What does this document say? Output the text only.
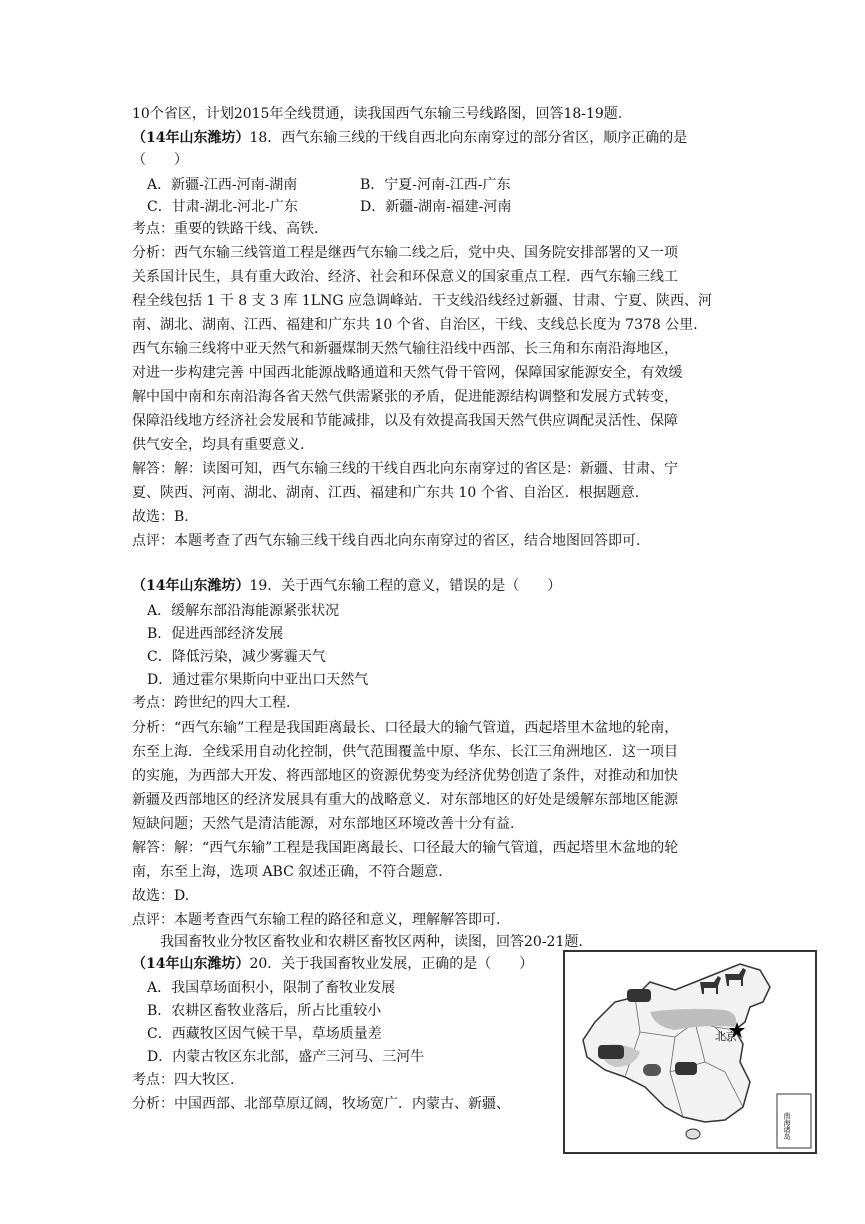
10个省区，计划2015年全线贯通，读我国西气东输三号线路图，回答18-19题.
（14年山东潍坊）18．西气东输三线的干线自西北向东南穿过的部分省区，顺序正确的是
（　　）
A．新疆-江西-河南-湖南	B．宁夏-河南-江西-广东
C．甘肃-湖北-河北-广东	D．新疆-湖南-福建-河南
考点：重要的铁路干线、高铁.
分析：西气东输三线管道工程是继西气东输二线之后，党中央、国务院安排部署的又一项
关系国计民生，具有重大政治、经济、社会和环保意义的国家重点工程．西气东输三线工
程全线包括 1 干 8 支 3 库 1LNG 应急调峰站．干支线沿线经过新疆、甘肃、宁夏、陕西、河
南、湖北、湖南、江西、福建和广东共 10 个省、自治区，干线、支线总长度为 7378 公里．
西气东输三线将中亚天然气和新疆煤制天然气输往沿线中西部、长三角和东南沿海地区，
对进一步构建完善 中国西北能源战略通道和天然气骨干管网，保障国家能源安全，有效缓
解中国中南和东南沿海各省天然气供需紧张的矛盾，促进能源结构调整和发展方式转变，
保障沿线地方经济社会发展和节能减排，以及有效提高我国天然气供应调配灵活性、保障
供气安全，均具有重要意义.
解答：解：读图可知，西气东输三线的干线自西北向东南穿过的省区是：新疆、甘肃、宁
夏、陕西、河南、湖北、湖南、江西、福建和广东共 10 个省、自治区．根据题意.
故选：B.
点评：本题考查了西气东输三线干线自西北向东南穿过的省区，结合地图回答即可.
（14年山东潍坊）19．关于西气东输工程的意义，错误的是（　　）
A．缓解东部沿海能源紧张状况
B．促进西部经济发展
C．降低污染，减少雾霾天气
D．通过霍尔果斯向中亚出口天然气
考点：跨世纪的四大工程.
分析：“西气东输”工程是我国距离最长、口径最大的输气管道，西起塔里木盆地的轮南，
东至上海．全线采用自动化控制，供气范围覆盖中原、华东、长江三角洲地区．这一项目
的实施，为西部大开发、将西部地区的资源优势变为经济优势创造了条件，对推动和加快
新疆及西部地区的经济发展具有重大的战略意义．对东部地区的好处是缓解东部地区能源
短缺问题；天然气是清洁能源，对东部地区环境改善十分有益.
解答：解：“西气东输”工程是我国距离最长、口径最大的输气管道，西起塔里木盆地的轮
南，东至上海，选项 ABC 叙述正确，不符合题意.
故选：D.
点评：本题考查西气东输工程的路径和意义，理解解答即可.
我国畜牧业分牧区畜牧业和农耕区畜牧区两种，读图，回答20-21题.
（14年山东潍坊）20．关于我国畜牧业发展，正确的是（　　）
A．我国草场面积小，限制了畜牧业发展
B．农耕区畜牧业落后，所占比重较小
C．西藏牧区因气候干旱，草场质量差
D．内蒙古牧区东北部，盛产三河马、三河牛
考点：四大牧区.
分析：中国西部、北部草原辽阔，牧场宽广．内蒙古、新疆、
北京
南海诸岛
